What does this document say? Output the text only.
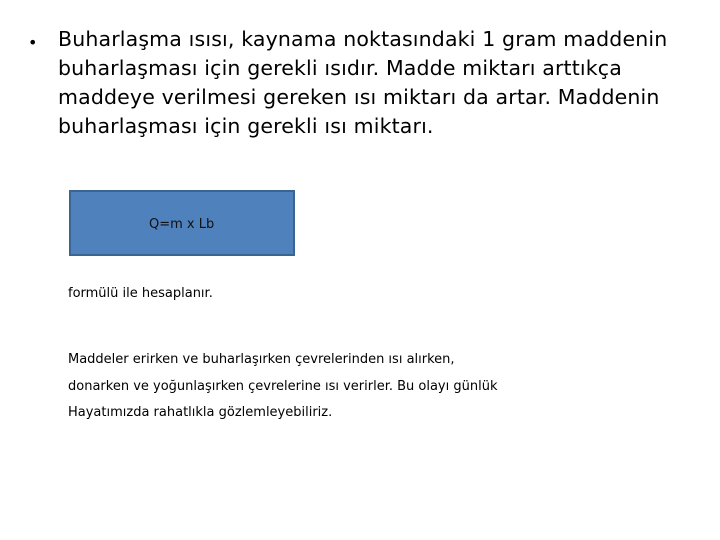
• Buharlaşma ısısı, kaynama noktasındaki 1 gram maddenin
buharlaşması için gerekli ısıdır. Madde miktarı arttıkça
maddeye verilmesi gereken ısı miktarı da artar. Maddenin
buharlaşması için gerekli ısı miktarı.
Q=m x Lb
formülü ile hesaplanır.
Maddeler erirken ve buharlaşırken çevrelerinden ısı alırken,
donarken ve yoğunlaşırken çevrelerine ısı verirler. Bu olayı günlük
Hayatımızda rahatlıkla gözlemleyebiliriz.
